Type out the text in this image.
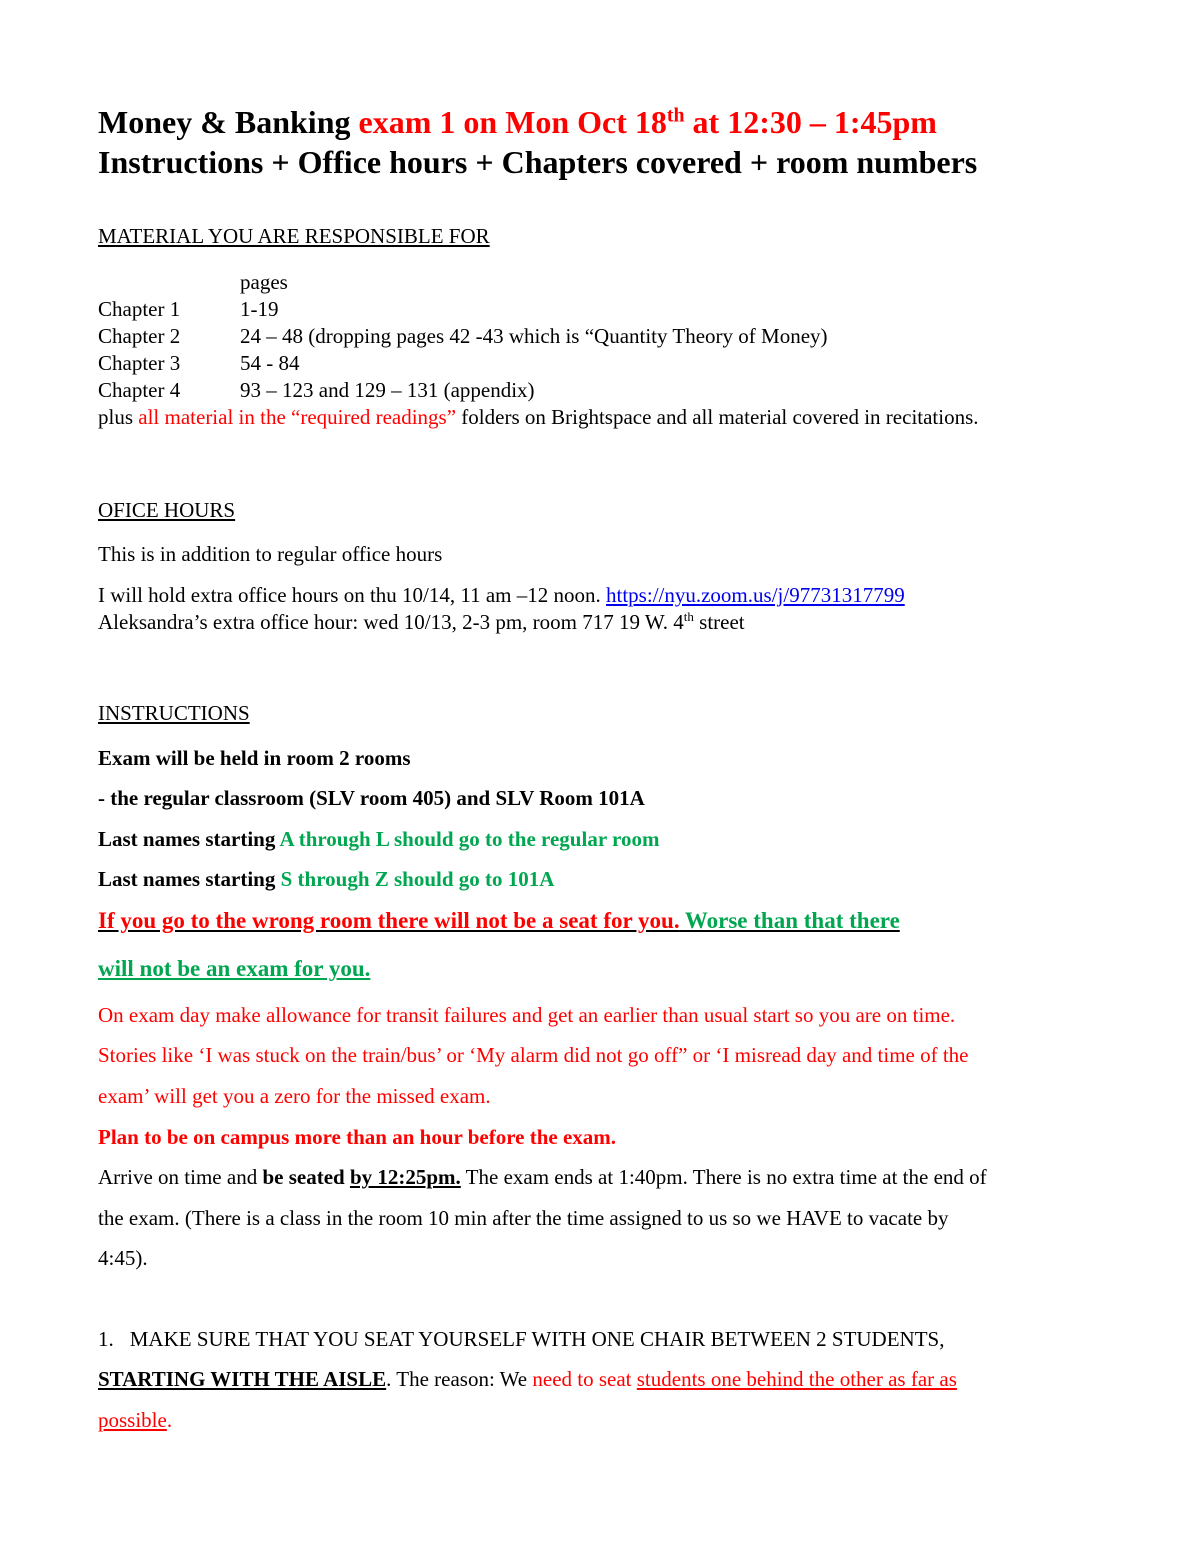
Money & Banking exam 1 on Mon Oct 18th at 12:30 – 1:45pm

Instructions + Office hours + Chapters covered + room numbers

MATERIAL YOU ARE RESPONSIBLE FOR
pages
Chapter 1	1-19
Chapter 2	24 – 48 (dropping pages 42 -43 which is “Quantity Theory of Money)
Chapter 3	54 - 84
Chapter 4	93 – 123 and 129 – 131 (appendix)
plus all material in the “required readings” folders on Brightspace and all material covered in recitations.
OFICE HOURS
This is in addition to regular office hours
I will hold extra office hours on thu 10/14, 11 am –12 noon. https://nyu.zoom.us/j/97731317799
Aleksandra’s extra office hour: wed 10/13, 2-3 pm, room 717 19 W. 4th street
INSTRUCTIONS
Exam will be held in room 2 rooms
- the regular classroom (SLV room 405) and SLV Room 101A
Last names starting A through L should go to the regular room
Last names starting S through Z should go to 101A
If you go to the wrong room there will not be a seat for you. Worse than that there
will not be an exam for you.
On exam day make allowance for transit failures and get an earlier than usual start so you are on time.
Stories like ‘I was stuck on the train/bus’ or ‘My alarm did not go off” or ‘I misread day and time of the
exam’ will get you a zero for the missed exam.
Plan to be on campus more than an hour before the exam.
Arrive on time and be seated by 12:25pm. The exam ends at 1:40pm. There is no extra time at the end of
the exam. (There is a class in the room 10 min after the time assigned to us so we HAVE to vacate by
4:45).
1. MAKE SURE THAT YOU SEAT YOURSELF WITH ONE CHAIR BETWEEN 2 STUDENTS,
STARTING WITH THE AISLE. The reason: We need to seat students one behind the other as far as
possible.
